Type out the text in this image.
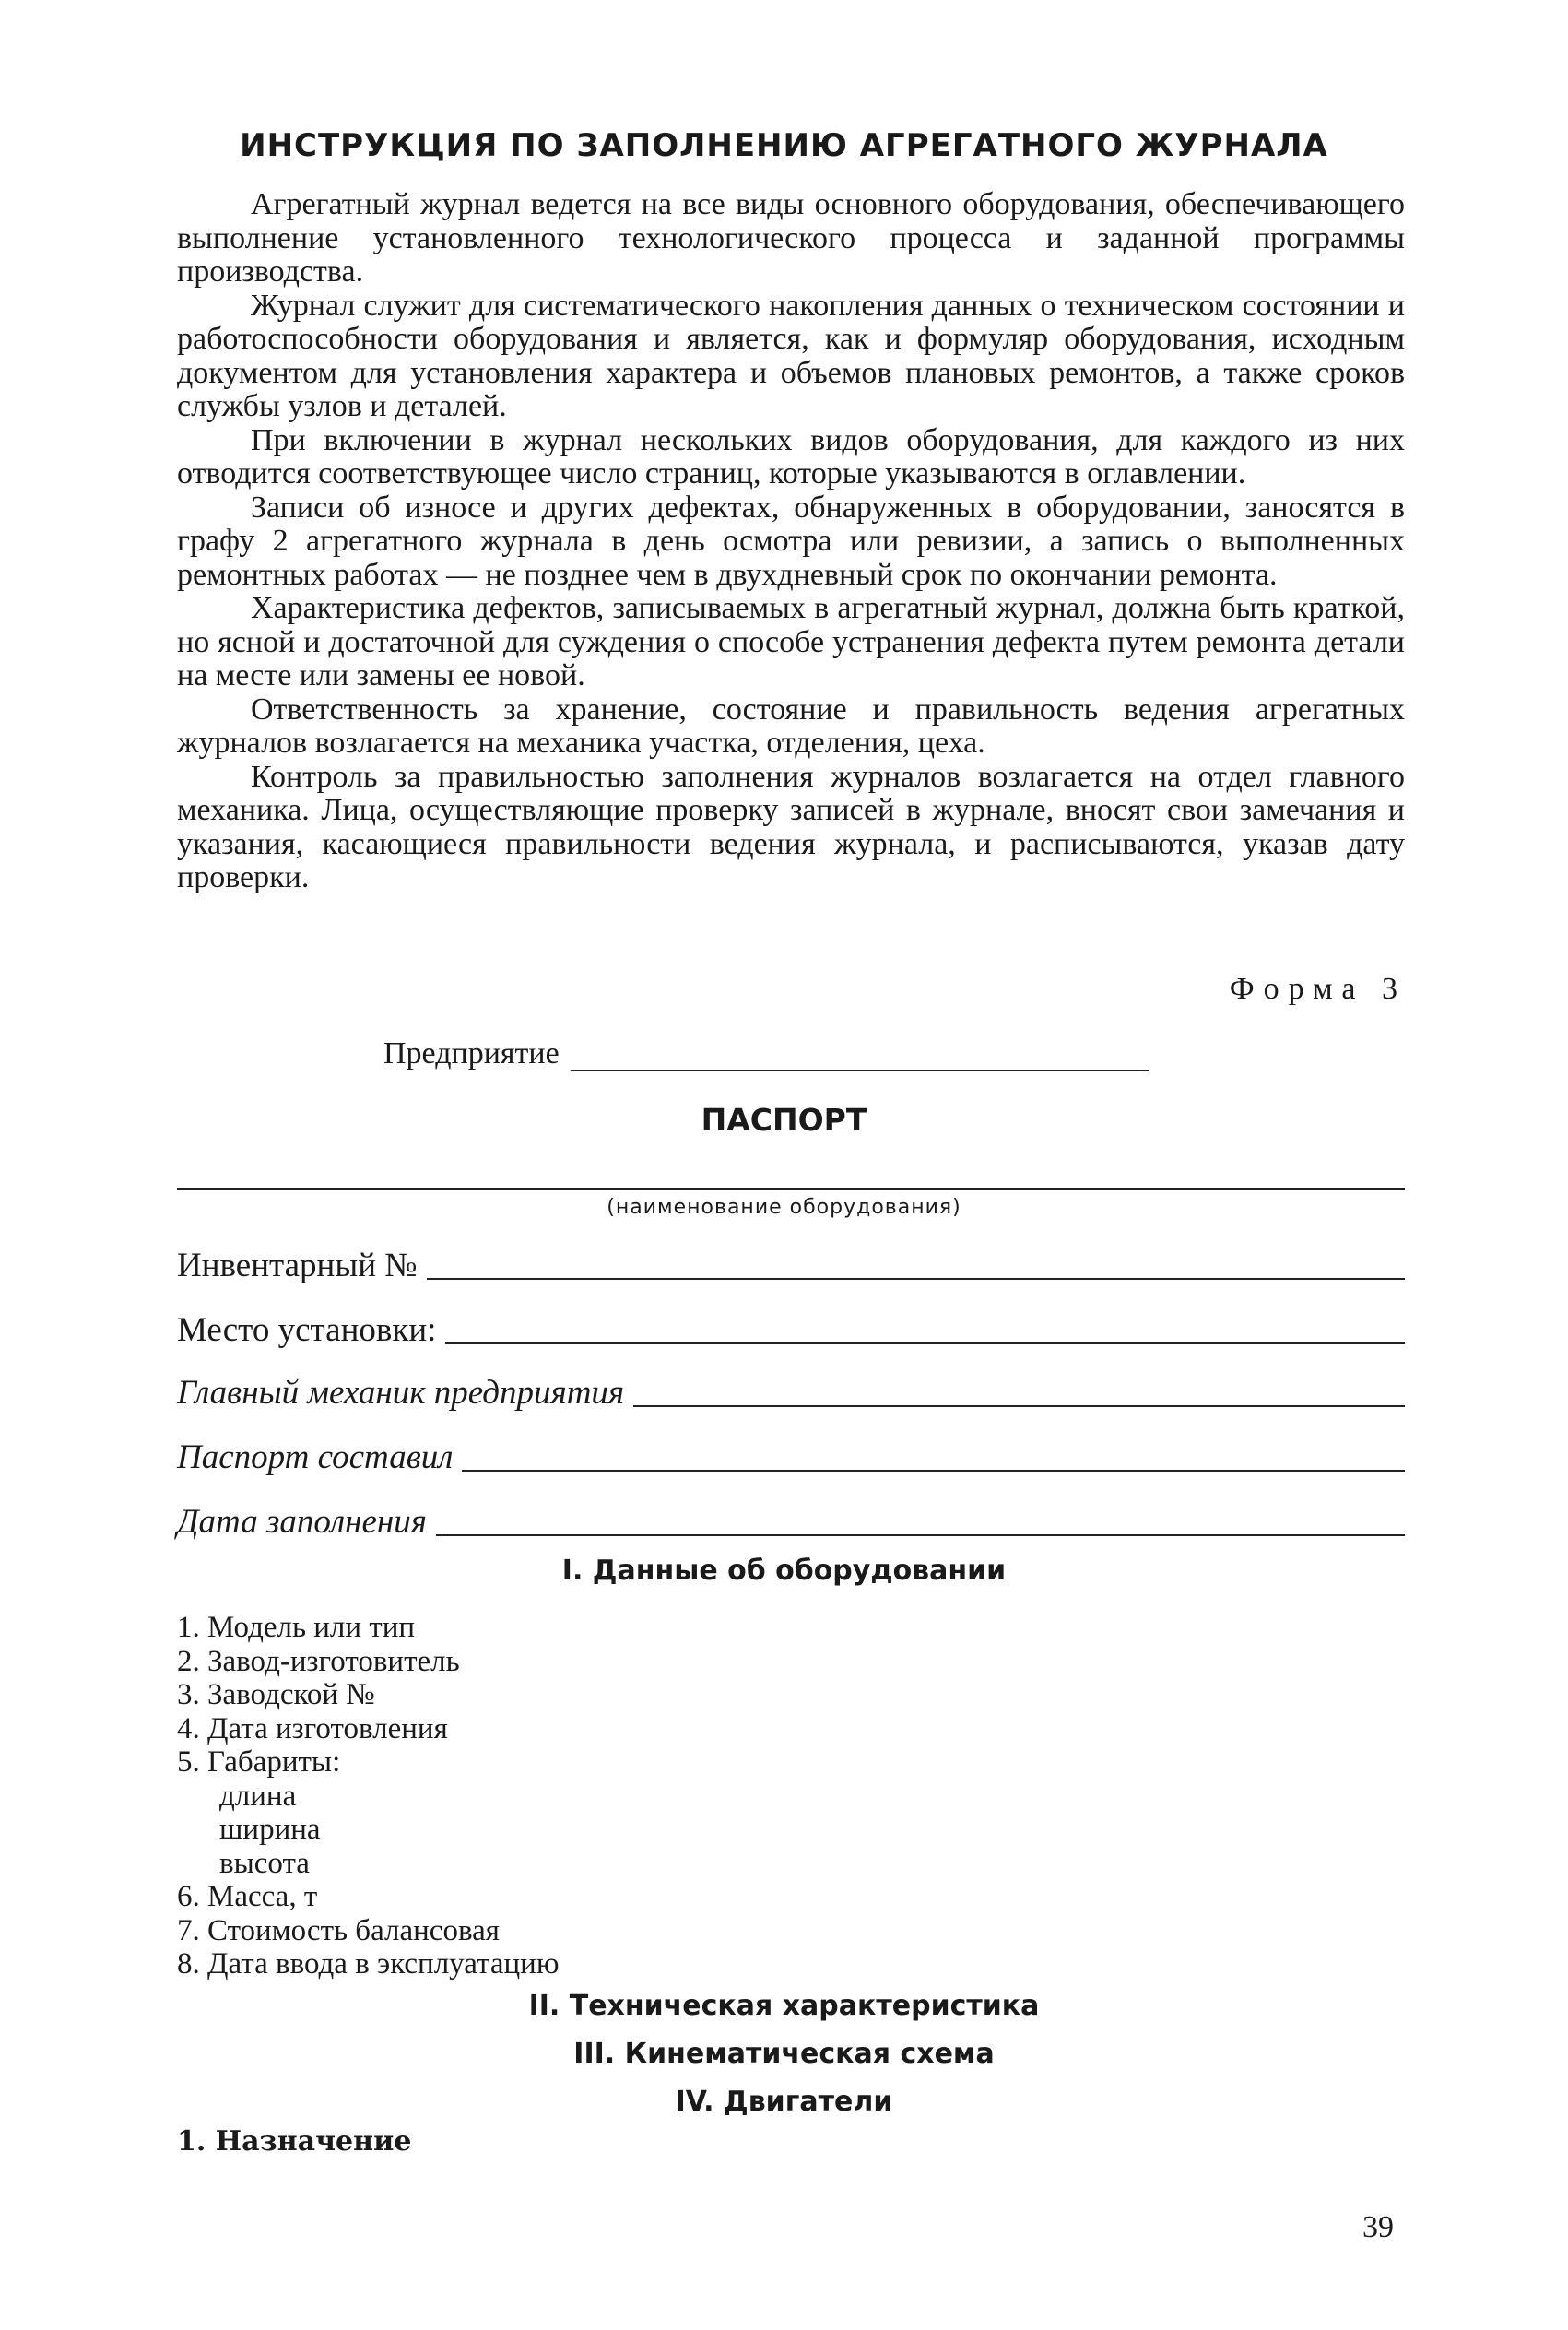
ИНСТРУКЦИЯ ПО ЗАПОЛНЕНИЮ АГРЕГАТНОГО ЖУРНАЛА

Агрегатный журнал ведется на все виды основного оборудования, обеспечивающего выполнение установленного технологического процесса и заданной программы производства.

Журнал служит для систематического накопления данных о техническом состоянии и работоспособности оборудования и является, как и формуляр оборудования, исходным документом для установления характера и объемов плановых ремонтов, а также сроков службы узлов и деталей.

При включении в журнал нескольких видов оборудования, для каждого из них отводится соответствующее число страниц, которые указываются в оглавлении.

Записи об износе и других дефектах, обнаруженных в оборудовании, заносятся в графу 2 агрегатного журнала в день осмотра или ревизии, а запись о выполненных ремонтных работах — не позднее чем в двухдневный срок по окончании ремонта.

Характеристика дефектов, записываемых в агрегатный журнал, должна быть краткой, но ясной и достаточной для суждения о способе устранения дефекта путем ремонта детали на месте или замены ее новой.

Ответственность за хранение, состояние и правильность ведения агрегатных журналов возлагается на механика участка, отделения, цеха.

Контроль за правильностью заполнения журналов возлагается на отдел главного механика. Лица, осуществляющие проверку записей в журнале, вносят свои замечания и указания, касающиеся правильности ведения журнала, и расписываются, указав дату проверки.

Форма 3
Предприятие
ПАСПОРТ
(наименование оборудования)
Инвентарный №
Место установки:
Главный механик предприятия
Паспорт составил
Дата заполнения
I. Данные об оборудовании
1. Модель или тип
2. Завод-изготовитель
3. Заводской №
4. Дата изготовления
5. Габариты:
длина
ширина
высота
6. Масса, т
7. Стоимость балансовая
8. Дата ввода в эксплуатацию
II. Техническая характеристика
III. Кинематическая схема
IV. Двигатели
1. Назначение
39
